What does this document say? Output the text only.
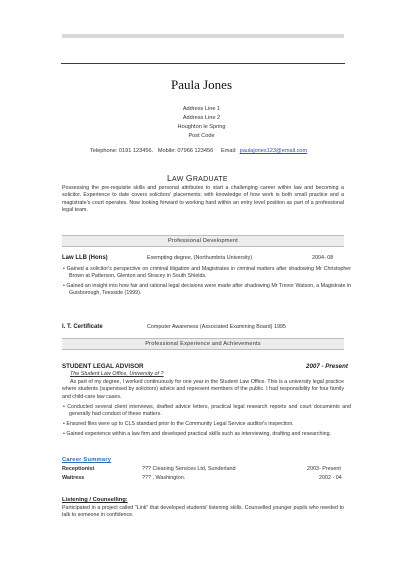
Paula Jones
Address Line 1
Address Line 2
Houghton le Spring
Post Code
Telephone: 0191 123456. Mobile: 07966 123456 Email: paulajones123@email.com
LAW GRADUATE
Possessing the pre-requisite skills and personal attributes to start a challenging career within law and becoming a solicitor. Experience to date covers solicitors' placements; with knowledge of how work is both small practice and a magistrate's court operates. Now looking forward to working hard within an entry level position as part of a professional legal team.
Professional Development
Law LLB (Hons)	Exempting degree, (Northumbria University)	2004- 08
• Gained a solicitor's perspective on criminal litigation and Magistrates in criminal matters after shadowing Mr Christopher Brown at Patterson, Glenton and Stracey in South Shields.
• Gained an insight into how fair and rational legal decisions were made after shadowing Mr Trevor Watson, a Magistrate in Guisborough, Teesside (1999).
I. T. Certificate	Computer Awareness (Associated Examining Board) 1995
Professional Experience and Achievements
STUDENT LEGAL ADVISOR	2007 - Present
The Student Law Office, University of ?
As part of my degree, I worked continuously for one year in the Student Law Office. This is a university legal practice where students (supervised by solicitors) advice and represent members of the public. I had responsibility for four family and child-care law cases.
• Conducted several client interviews, drafted advice letters, practical legal research reports and court documents and generally had conduct of these matters.
• Ensured files were up to CLS standard prior to the Community Legal Service auditor's inspection.
• Gained experience within a law firm and developed practical skills such as interviewing, drafting and researching.
Career Summary
Receptionist	??? Cleaning Services Ltd, Sunderland	2003- Present
Waitress	??? , Washington.	2002 - 04
Listening / Counselling:
Participated in a project called "Link" that developed students' listening skills. Counselled younger pupils who needed to talk to someone in confidence.
